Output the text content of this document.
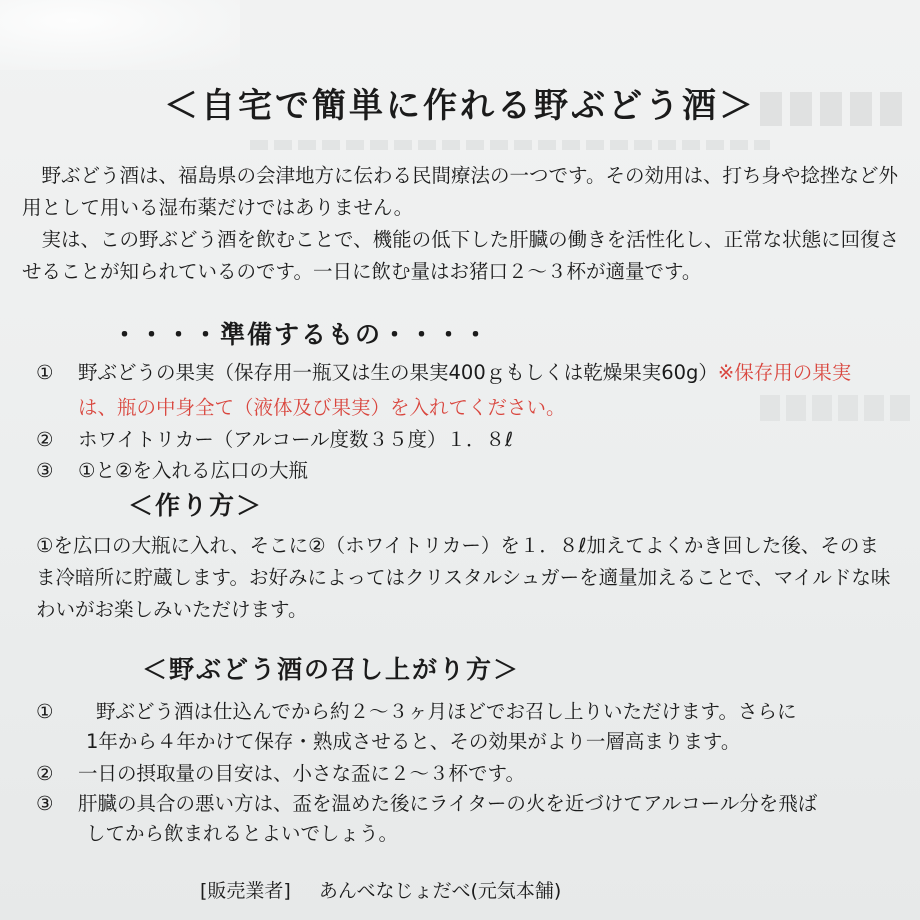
＜自宅で簡単に作れる野ぶどう酒＞

野ぶどう酒は、福島県の会津地方に伝わる民間療法の一つです。その効用は、打ち身や捻挫など外用として用いる湿布薬だけではありません。

実は、この野ぶどう酒を飲むことで、機能の低下した肝臓の働きを活性化し、正常な状態に回復させることが知られているのです。一日に飲む量はお猪口２～３杯が適量です。

・・・・準備するもの・・・・
① 野ぶどうの果実（保存用一瓶又は生の果実400ｇもしくは乾燥果実60g）※保存用の果実
は、瓶の中身全て（液体及び果実）を入れてください。
② ホワイトリカー（アルコール度数３５度）１．８ℓ
③ ①と②を入れる広口の大瓶
＜作り方＞

①を広口の大瓶に入れ、そこに②（ホワイトリカー）を１．８ℓ加えてよくかき回した後、そのまま冷暗所に貯蔵します。お好みによってはクリスタルシュガーを適量加えることで、マイルドな味わいがお楽しみいただけます。

＜野ぶどう酒の召し上がり方＞
① 野ぶどう酒は仕込んでから約２～３ヶ月ほどでお召し上りいただけます。さらに
1年から４年かけて保存・熟成させると、その効果がより一層高まります。
② 一日の摂取量の目安は、小さな盃に２～３杯です。
③ 肝臓の具合の悪い方は、盃を温めた後にライターの火を近づけてアルコール分を飛ば
してから飲まれるとよいでしょう。
[販売業者] あんべなじょだべ(元気本舗)
